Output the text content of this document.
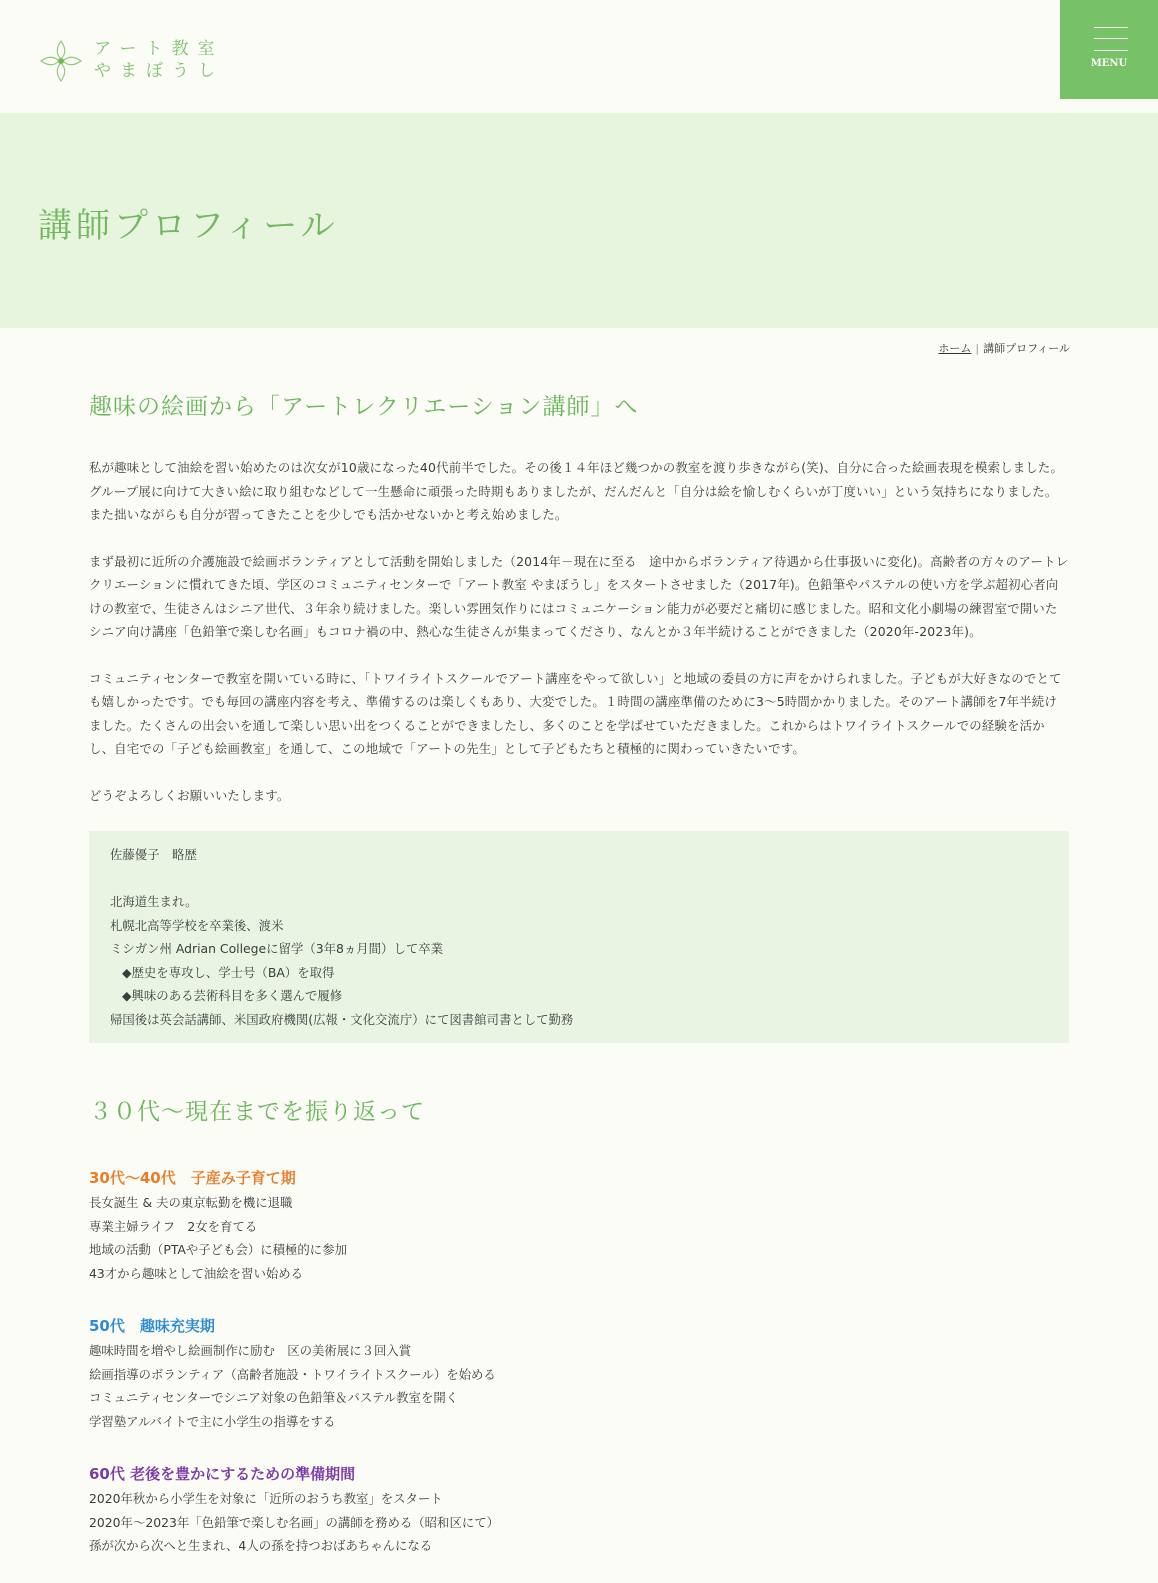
アート教室
やまぼうし	MENU
講師プロフィール
ホーム | 講師プロフィール
趣味の絵画から「アートレクリエーション講師」へ

私が趣味として油絵を習い始めたのは次女が10歳になった40代前半でした。その後１４年ほど幾つかの教室を渡り歩きながら(笑)、自分に合った絵画表現を模索しました。グループ展に向けて大きい絵に取り組むなどして一生懸命に頑張った時期もありましたが、だんだんと「自分は絵を愉しむくらいが丁度いい」という気持ちになりました。また拙いながらも自分が習ってきたことを少しでも活かせないかと考え始めました。

まず最初に近所の介護施設で絵画ボランティアとして活動を開始しました（2014年－現在に至る　途中からボランティア待遇から仕事扱いに変化)。高齢者の方々のアートレクリエーションに慣れてきた頃、学区のコミュニティセンターで「アート教室 やまぼうし」をスタートさせました（2017年)。色鉛筆やパステルの使い方を学ぶ超初心者向けの教室で、生徒さんはシニア世代、３年余り続けました。楽しい雰囲気作りにはコミュニケーション能力が必要だと痛切に感じました。昭和文化小劇場の練習室で開いたシニア向け講座「色鉛筆で楽しむ名画」もコロナ禍の中、熱心な生徒さんが集まってくださり、なんとか３年半続けることができました（2020年-2023年)。

コミュニティセンターで教室を開いている時に、「トワイライトスクールでアート講座をやって欲しい」と地域の委員の方に声をかけられました。子どもが大好きなのでとても嬉しかったです。でも毎回の講座内容を考え、準備するのは楽しくもあり、大変でした。１時間の講座準備のために3～5時間かかりました。そのアート講師を7年半続けました。たくさんの出会いを通して楽しい思い出をつくることができましたし、多くのことを学ばせていただきました。これからはトワイライトスクールでの経験を活かし、自宅での「子ども絵画教室」を通して、この地域で「アートの先生」として子どもたちと積極的に関わっていきたいです。

どうぞよろしくお願いいたします。

佐藤優子　略歴
北海道生まれ。
札幌北高等学校を卒業後、渡米
ミシガン州 Adrian Collegeに留学（3年8ヵ月間）して卒業
◆歴史を専攻し、学士号（BA）を取得
◆興味のある芸術科目を多く選んで履修
帰国後は英会話講師、米国政府機関(広報・文化交流庁）にて図書館司書として勤務
３０代～現在までを振り返って
30代～40代　子産み子育て期
長女誕生 & 夫の東京転勤を機に退職
専業主婦ライフ　2女を育てる
地域の活動（PTAや子ども会）に積極的に参加
43才から趣味として油絵を習い始める
50代　趣味充実期
趣味時間を増やし絵画制作に励む　区の美術展に３回入賞
絵画指導のボランティア（高齢者施設・トワイライトスクール）を始める
コミュニティセンターでシニア対象の色鉛筆＆パステル教室を開く
学習塾アルバイトで主に小学生の指導をする
60代 老後を豊かにするための準備期間
2020年秋から小学生を対象に「近所のおうち教室」をスタート
2020年～2023年「色鉛筆で楽しむ名画」の講師を務める（昭和区にて）
孫が次から次へと生まれ、4人の孫を持つおばあちゃんになる
